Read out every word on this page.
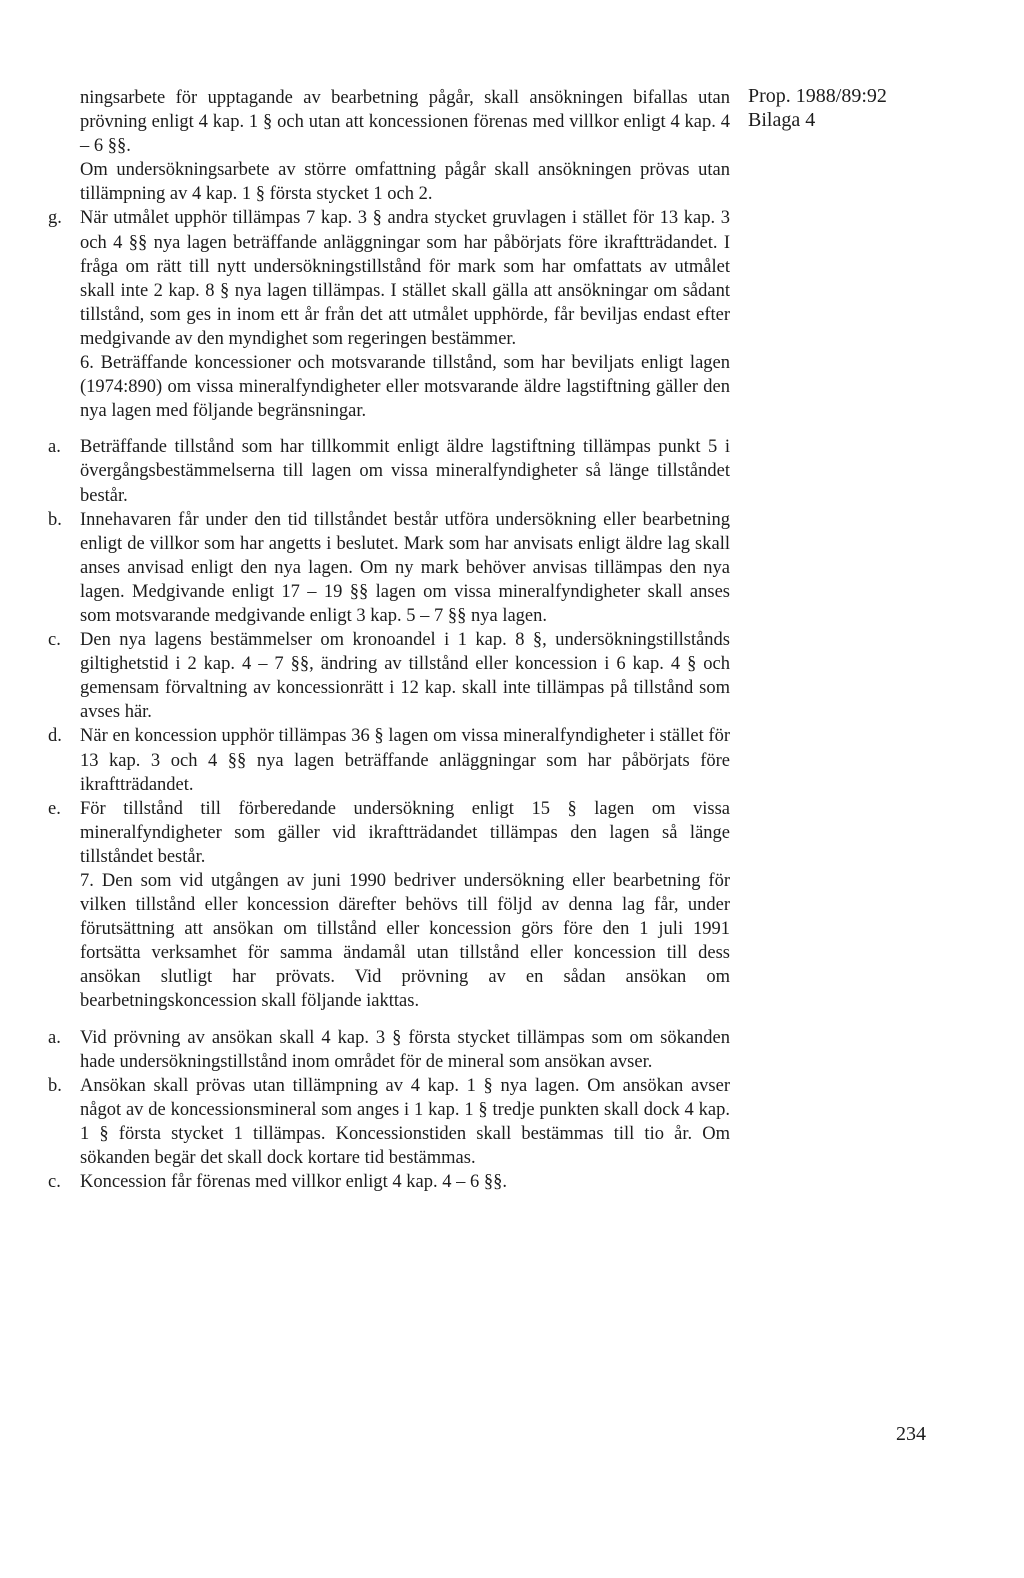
Prop. 1988/89:92
Bilaga 4
ningsarbete för upptagande av bearbetning pågår, skall ansökningen bifallas utan prövning enligt 4 kap. 1 § och utan att koncessionen förenas med villkor enligt 4 kap. 4 – 6 §§.
Om undersökningsarbete av större omfattning pågår skall ansökningen prövas utan tillämpning av 4 kap. 1 § första stycket 1 och 2.
g. När utmålet upphör tillämpas 7 kap. 3 § andra stycket gruvlagen i stället för 13 kap. 3 och 4 §§ nya lagen beträffande anläggningar som har påbörjats före ikraftträdandet. I fråga om rätt till nytt undersökningstillstånd för mark som har omfattats av utmålet skall inte 2 kap. 8 § nya lagen tillämpas. I stället skall gälla att ansökningar om sådant tillstånd, som ges in inom ett år från det att utmålet upphörde, får beviljas endast efter medgivande av den myndighet som regeringen bestämmer.
6. Beträffande koncessioner och motsvarande tillstånd, som har beviljats enligt lagen (1974:890) om vissa mineralfyndigheter eller motsvarande äldre lagstiftning gäller den nya lagen med följande begränsningar.
a.	Beträffande tillstånd som har tillkommit enligt äldre lagstiftning tillämpas punkt 5 i övergångsbestämmelserna till lagen om vissa mineralfyndigheter så länge tillståndet består.
b. Innehavaren får under den tid tillståndet består utföra undersökning eller bearbetning enligt de villkor som har angetts i beslutet. Mark som har anvisats enligt äldre lag skall anses anvisad enligt den nya lagen. Om ny mark behöver anvisas tillämpas den nya lagen. Medgivande enligt 17 – 19 §§ lagen om vissa mineralfyndigheter skall anses som motsvarande medgivande enligt 3 kap. 5 – 7 §§ nya lagen.
c.	Den nya lagens bestämmelser om kronoandel i 1 kap. 8 §, undersökningstillstånds giltighetstid i 2 kap. 4 – 7 §§, ändring av tillstånd eller koncession i 6 kap. 4 § och gemensam förvaltning av koncessionrätt i 12 kap. skall inte tillämpas på tillstånd som avses här.
d. När en koncession upphör tillämpas 36 § lagen om vissa mineralfyndigheter i stället för 13 kap. 3 och 4 §§ nya lagen beträffande anläggningar som har påbörjats före ikraftträdandet.
e.	För tillstånd till förberedande undersökning enligt 15 § lagen om vissa mineralfyndigheter som gäller vid ikraftträdandet tillämpas den lagen så länge tillståndet består.
7. Den som vid utgången av juni 1990 bedriver undersökning eller bearbetning för vilken tillstånd eller koncession därefter behövs till följd av denna lag får, under förutsättning att ansökan om tillstånd eller koncession görs före den 1 juli 1991 fortsätta verksamhet för samma ändamål utan tillstånd eller koncession till dess ansökan slutligt har prövats. Vid prövning av en sådan ansökan om bearbetningskoncession skall följande iakttas.
a.	Vid prövning av ansökan skall 4 kap. 3 § första stycket tillämpas som om sökanden hade undersökningstillstånd inom området för de mineral som ansökan avser.
b. Ansökan skall prövas utan tillämpning av 4 kap. 1 § nya lagen. Om ansökan avser något av de koncessionsmineral som anges i 1 kap. 1 § tredje punkten skall dock 4 kap. 1 § första stycket 1 tillämpas. Koncessionstiden skall bestämmas till tio år. Om sökanden begär det skall dock kortare tid bestämmas.
c.	Koncession får förenas med villkor enligt 4 kap. 4 – 6 §§.
234
